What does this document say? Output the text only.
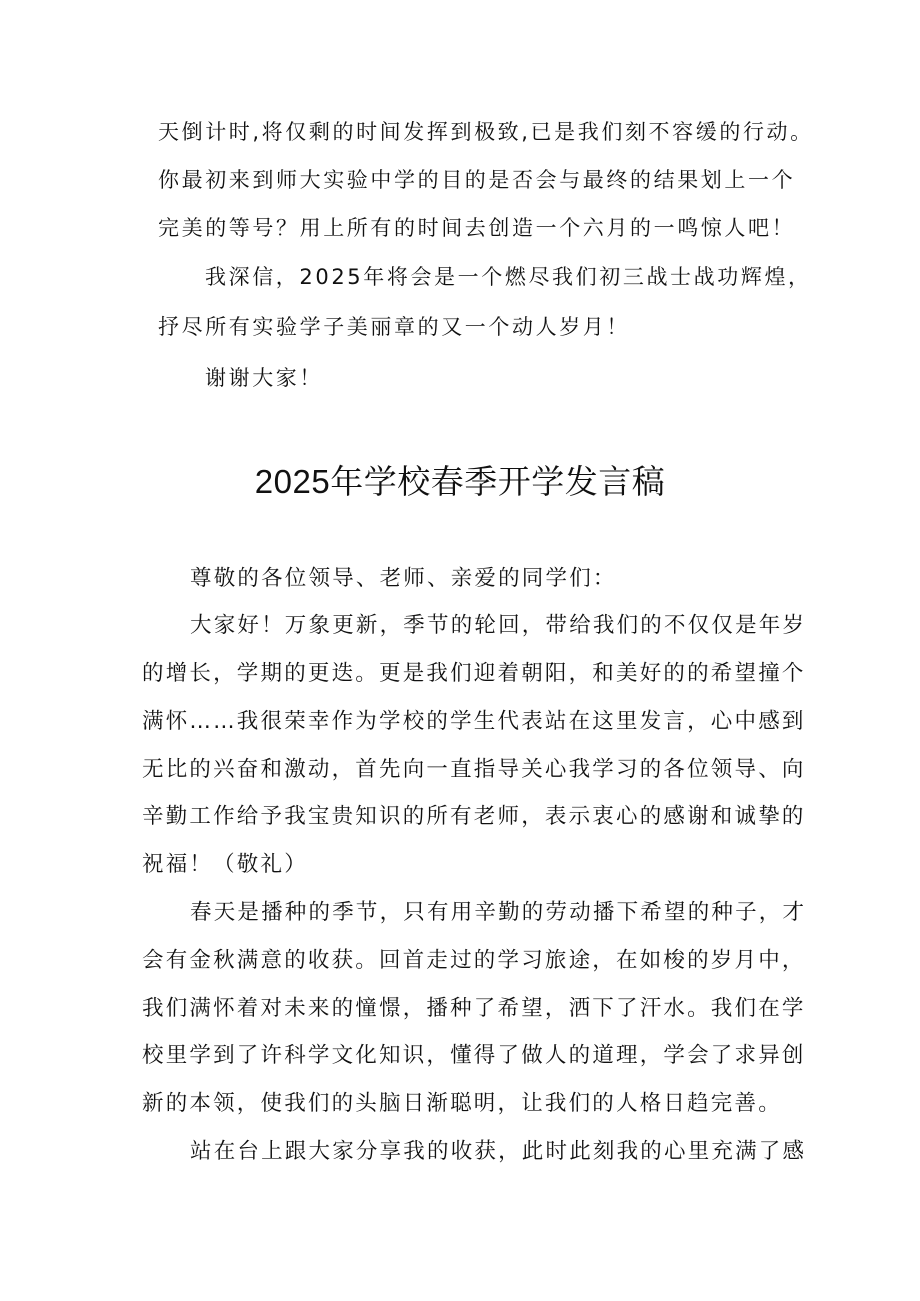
天倒计时,将仅剩的时间发挥到极致,已是我们刻不容缓的行动。
你最初来到师大实验中学的目的是否会与最终的结果划上一个
完美的等号？用上所有的时间去创造一个六月的一鸣惊人吧！
我深信，2025年将会是一个燃尽我们初三战士战功辉煌，
抒尽所有实验学子美丽章的又一个动人岁月！
谢谢大家！
2025年学校春季开学发言稿
尊敬的各位领导、老师、亲爱的同学们：
大家好！万象更新，季节的轮回，带给我们的不仅仅是年岁
的增长，学期的更迭。更是我们迎着朝阳，和美好的的希望撞个
满怀……我很荣幸作为学校的学生代表站在这里发言，心中感到
无比的兴奋和激动，首先向一直指导关心我学习的各位领导、向
辛勤工作给予我宝贵知识的所有老师，表示衷心的感谢和诚挚的
祝福！（敬礼）
春天是播种的季节，只有用辛勤的劳动播下希望的种子，才
会有金秋满意的收获。回首走过的学习旅途，在如梭的岁月中，
我们满怀着对未来的憧憬，播种了希望，洒下了汗水。我们在学
校里学到了许科学文化知识，懂得了做人的道理，学会了求异创
新的本领，使我们的头脑日渐聪明，让我们的人格日趋完善。
站在台上跟大家分享我的收获，此时此刻我的心里充满了感
